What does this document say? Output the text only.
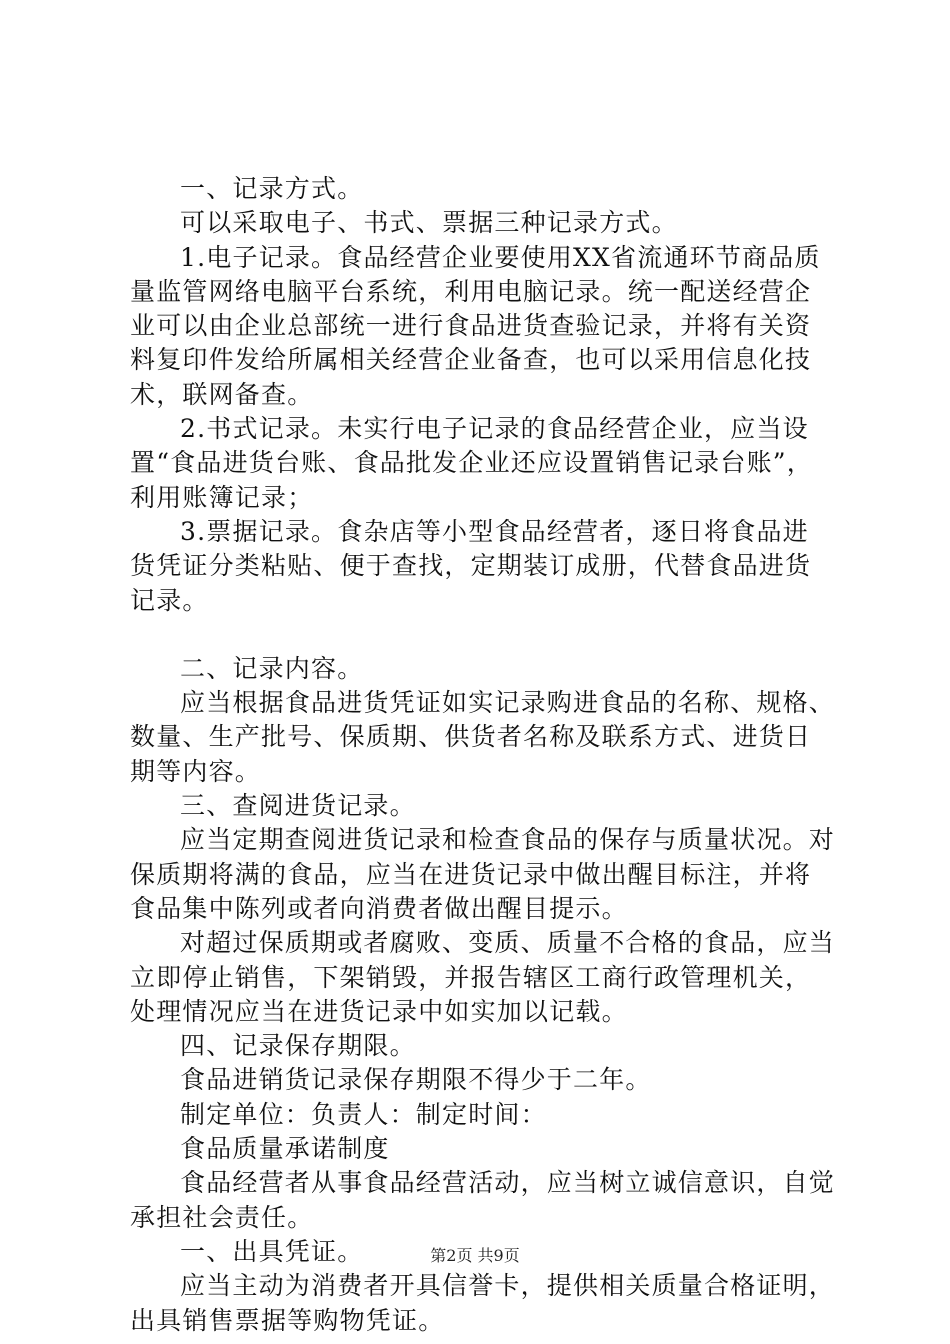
一、记录方式。

可以采取电子、书式、票据三种记录方式。

1.电子记录。食品经营企业要使用XX省流通环节商品质量监管网络电脑平台系统，利用电脑记录。统一配送经营企业可以由企业总部统一进行食品进货查验记录，并将有关资料复印件发给所属相关经营企业备查，也可以采用信息化技术，联网备查。

2.书式记录。未实行电子记录的食品经营企业，应当设置“食品进货台账、食品批发企业还应设置销售记录台账”，利用账簿记录；

3.票据记录。食杂店等小型食品经营者，逐日将食品进货凭证分类粘贴、便于查找，定期装订成册，代替食品进货记录。

二、记录内容。

应当根据食品进货凭证如实记录购进食品的名称、规格、数量、生产批号、保质期、供货者名称及联系方式、进货日期等内容。

三、查阅进货记录。

应当定期查阅进货记录和检查食品的保存与质量状况。对保质期将满的食品，应当在进货记录中做出醒目标注，并将食品集中陈列或者向消费者做出醒目提示。

对超过保质期或者腐败、变质、质量不合格的食品，应当立即停止销售，下架销毁，并报告辖区工商行政管理机关，处理情况应当在进货记录中如实加以记载。

四、记录保存期限。

食品进销货记录保存期限不得少于二年。

制定单位：负责人：制定时间：

食品质量承诺制度

食品经营者从事食品经营活动，应当树立诚信意识，自觉承担社会责任。

一、出具凭证。

应当主动为消费者开具信誉卡，提供相关质量合格证明，出具销售票据等购物凭证。

第2页 共9页
